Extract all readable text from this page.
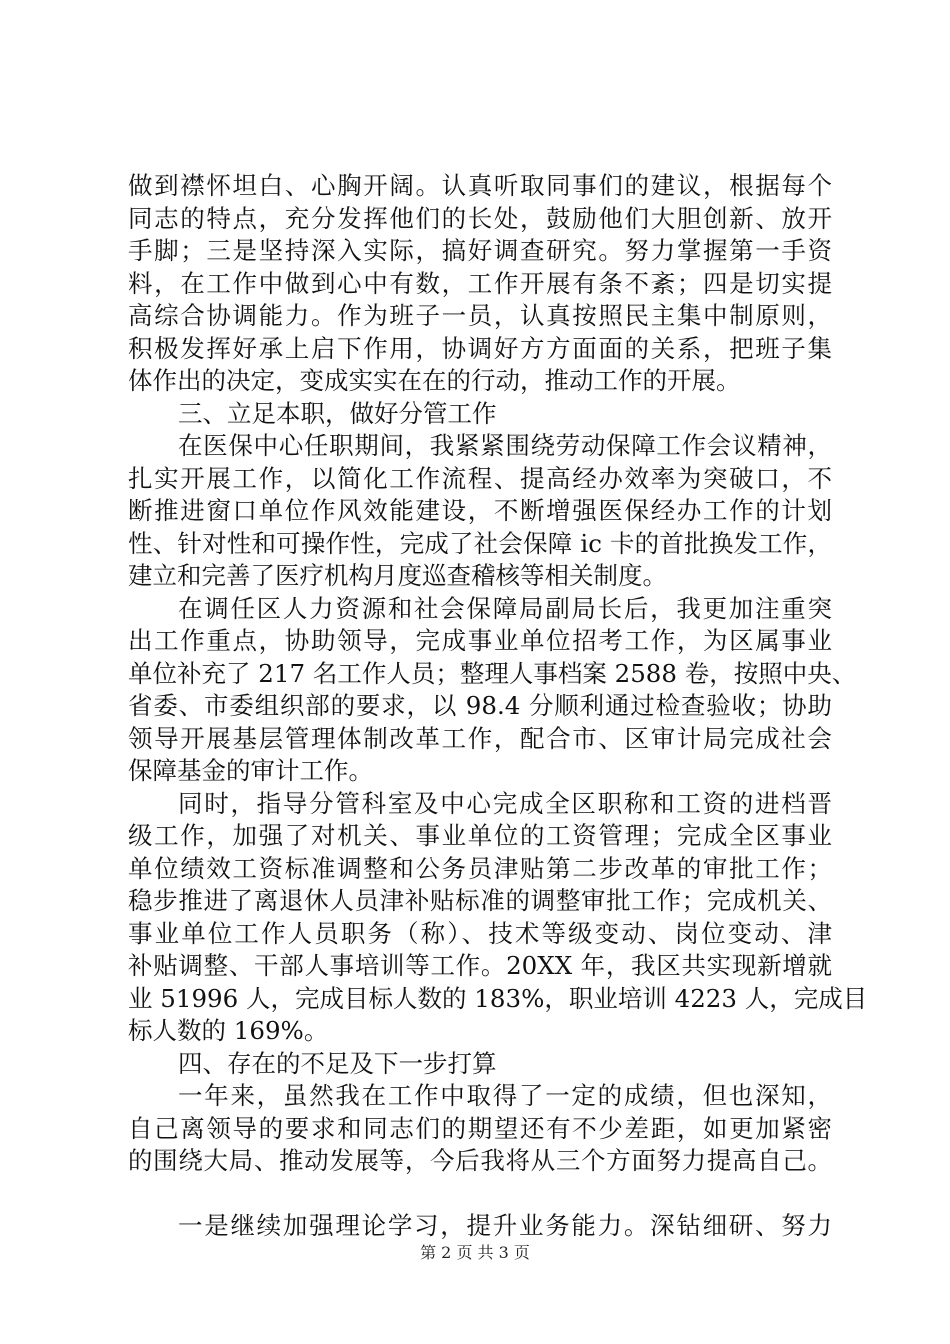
做到襟怀坦白、心胸开阔。认真听取同事们的建议，根据每个
同志的特点，充分发挥他们的长处，鼓励他们大胆创新、放开
手脚；三是坚持深入实际，搞好调查研究。努力掌握第一手资
料，在工作中做到心中有数，工作开展有条不紊；四是切实提
高综合协调能力。作为班子一员，认真按照民主集中制原则，
积极发挥好承上启下作用，协调好方方面面的关系，把班子集
体作出的决定，变成实实在在的行动，推动工作的开展。
三、立足本职，做好分管工作
在医保中心任职期间，我紧紧围绕劳动保障工作会议精神，
扎实开展工作，以简化工作流程、提高经办效率为突破口，不
断推进窗口单位作风效能建设，不断增强医保经办工作的计划
性、针对性和可操作性，完成了社会保障 ic 卡的首批换发工作，
建立和完善了医疗机构月度巡查稽核等相关制度。
在调任区人力资源和社会保障局副局长后，我更加注重突
出工作重点，协助领导，完成事业单位招考工作，为区属事业
单位补充了 217 名工作人员；整理人事档案 2588 卷，按照中央、
省委、市委组织部的要求，以 98.4 分顺利通过检查验收；协助
领导开展基层管理体制改革工作，配合市、区审计局完成社会
保障基金的审计工作。
同时，指导分管科室及中心完成全区职称和工资的进档晋
级工作，加强了对机关、事业单位的工资管理；完成全区事业
单位绩效工资标准调整和公务员津贴第二步改革的审批工作；
稳步推进了离退休人员津补贴标准的调整审批工作；完成机关、
事业单位工作人员职务（称）、技术等级变动、岗位变动、津
补贴调整、干部人事培训等工作。20XX 年，我区共实现新增就
业 51996 人，完成目标人数的 183%，职业培训 4223 人，完成目
标人数的 169%。
四、存在的不足及下一步打算
一年来，虽然我在工作中取得了一定的成绩，但也深知，
自己离领导的要求和同志们的期望还有不少差距，如更加紧密
的围绕大局、推动发展等，今后我将从三个方面努力提高自己。
一是继续加强理论学习，提升业务能力。深钻细研、努力
第 2 页 共 3 页
